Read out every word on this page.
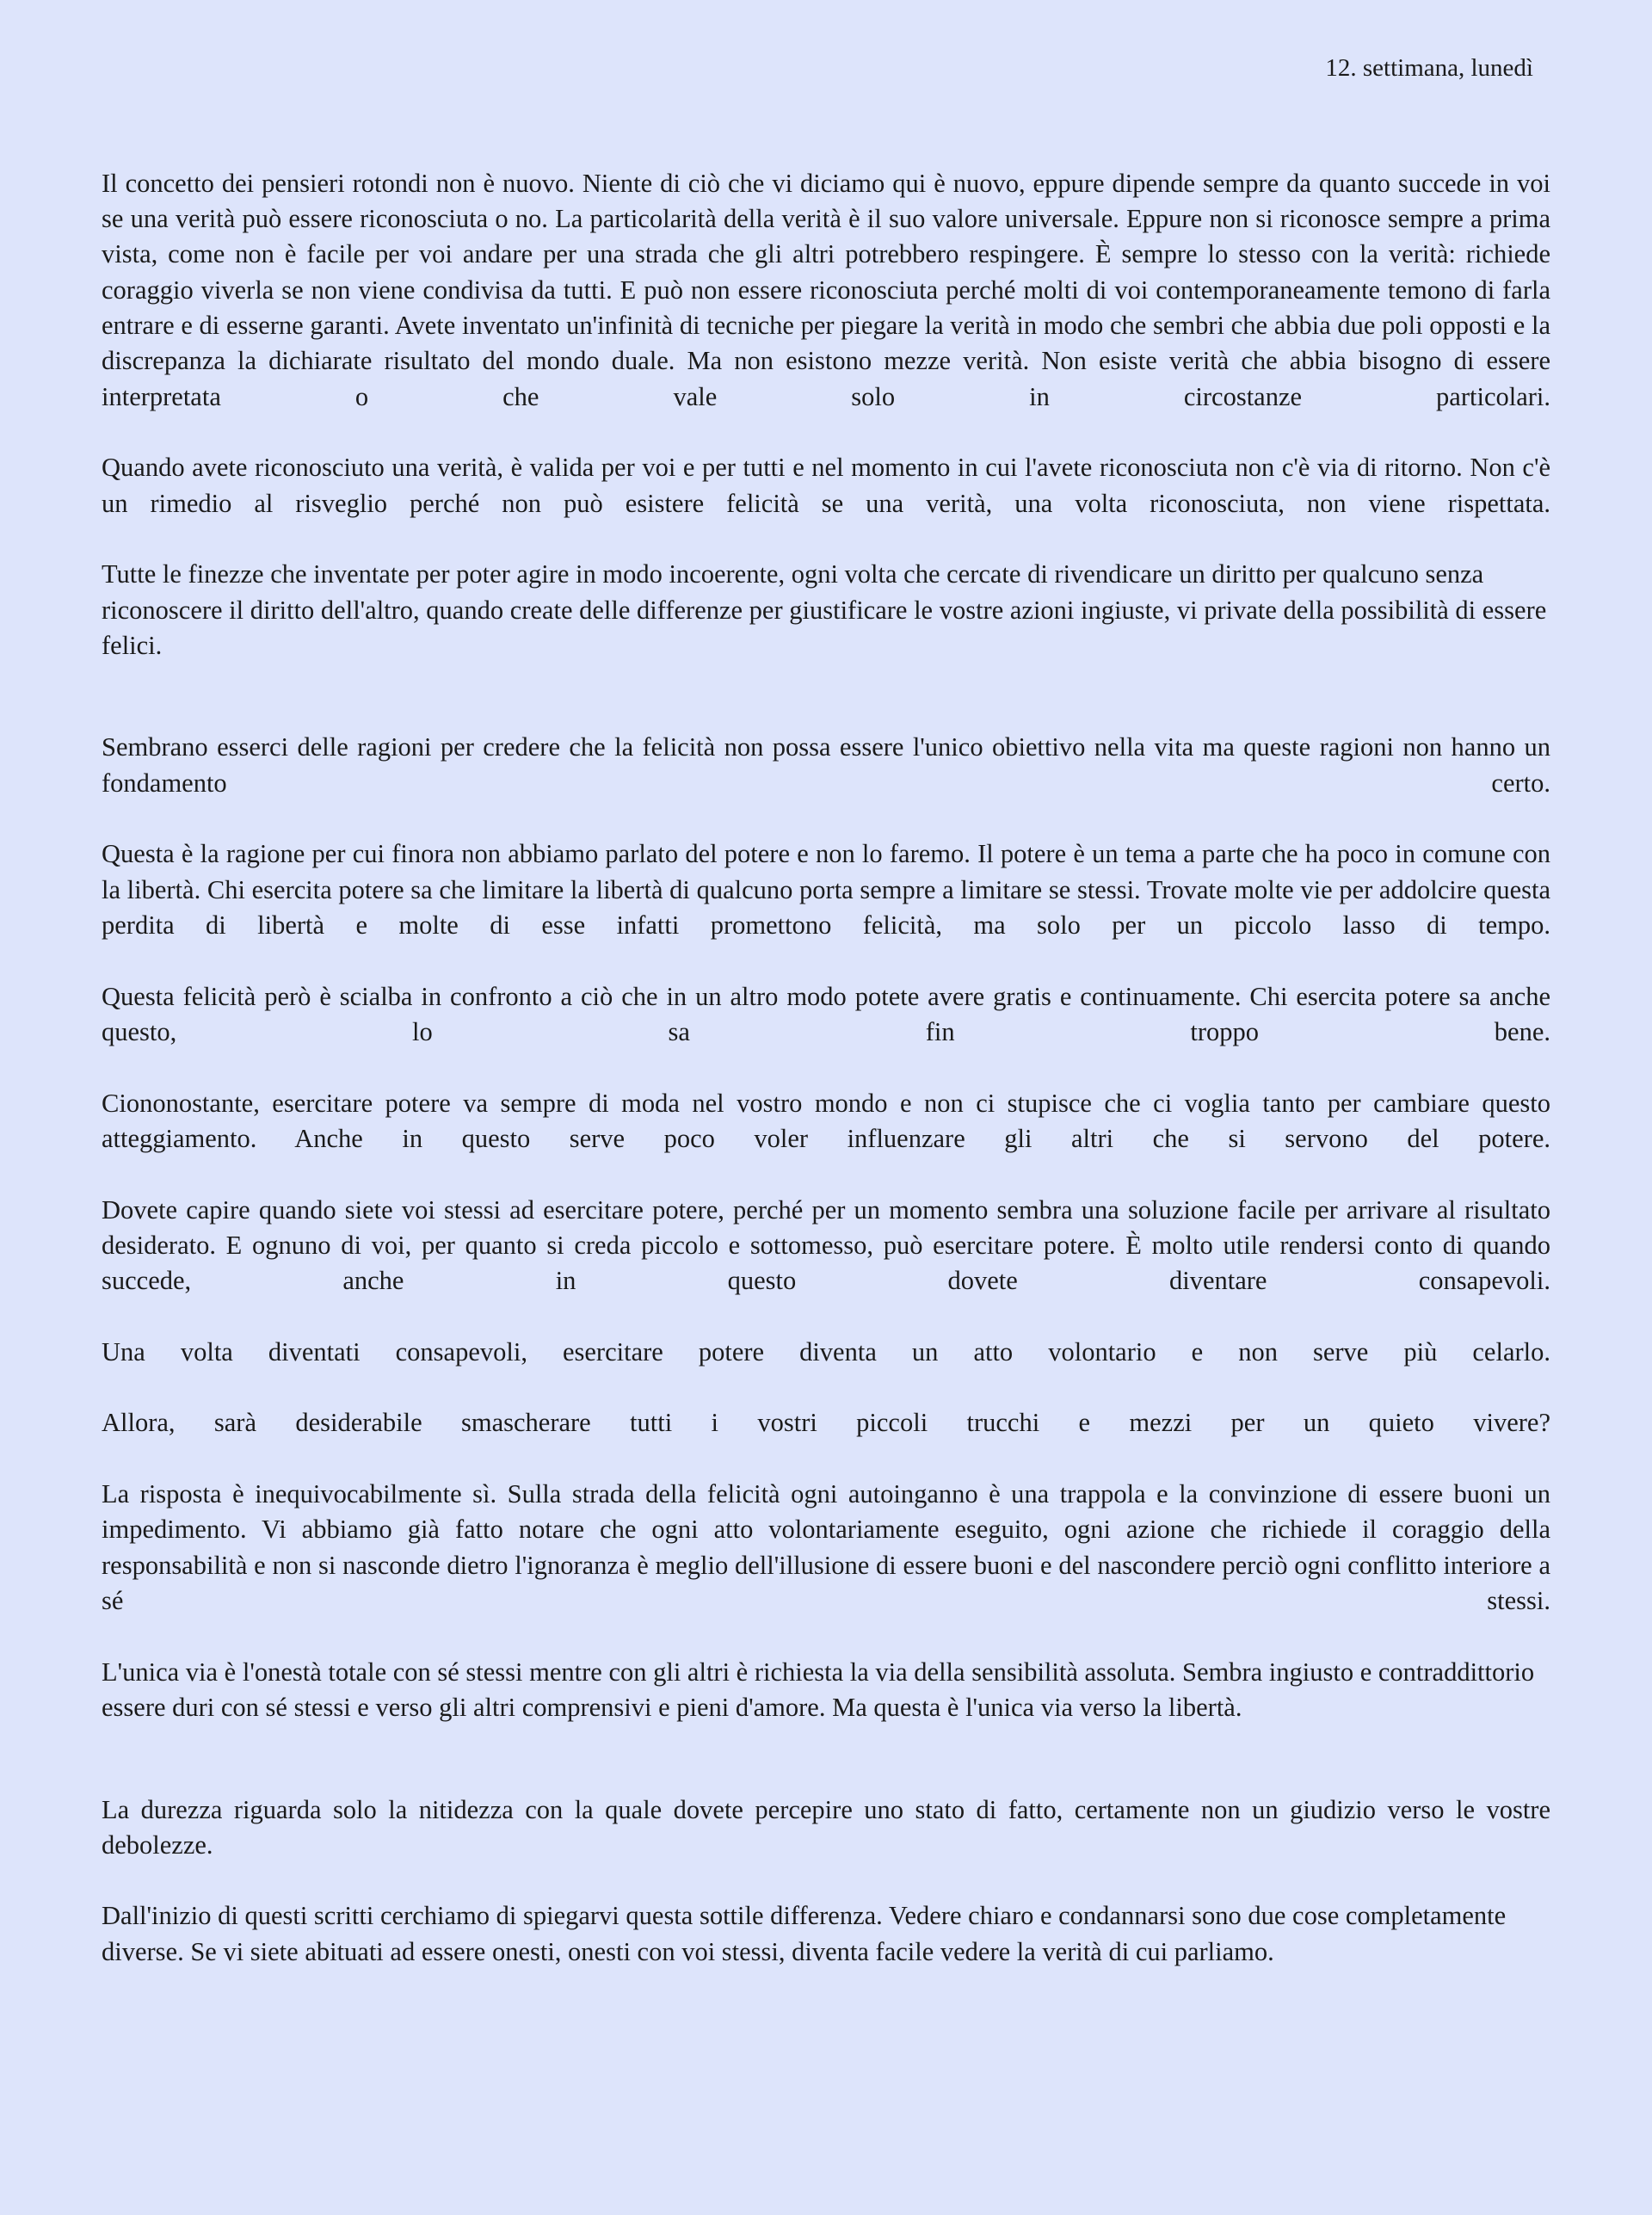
12. settimana, lunedì

Il concetto dei pensieri rotondi non è nuovo. Niente di ciò che vi diciamo qui è nuovo, eppure dipende sempre da quanto succede in voi se una verità può essere riconosciuta o no. La particolarità della verità è il suo valore universale. Eppure non si riconosce sempre a prima vista, come non è facile per voi andare per una strada che gli altri potrebbero respingere. È sempre lo stesso con la verità: richiede coraggio viverla se non viene condivisa da tutti. E può non essere riconosciuta perché molti di voi contemporaneamente temono di farla entrare e di esserne garanti. Avete inventato un'infinità di tecniche per piegare la verità in modo che sembri che abbia due poli opposti e la discrepanza la dichiarate risultato del mondo duale. Ma non esistono mezze verità. Non esiste verità che abbia bisogno di essere interpretata o che vale solo in circostanze particolari.

Quando avete riconosciuto una verità, è valida per voi e per tutti e nel momento in cui l'avete riconosciuta non c'è via di ritorno. Non c'è un rimedio al risveglio perché non può esistere felicità se una verità, una volta riconosciuta, non viene rispettata.

Tutte le finezze che inventate per poter agire in modo incoerente, ogni volta che cercate di rivendicare un diritto per qualcuno senza riconoscere il diritto dell'altro, quando create delle differenze per giustificare le vostre azioni ingiuste, vi private della possibilità di essere felici.

Sembrano esserci delle ragioni per credere che la felicità non possa essere l'unico obiettivo nella vita ma queste ragioni non hanno un fondamento certo.

Questa è la ragione per cui finora non abbiamo parlato del potere e non lo faremo. Il potere è un tema a parte che ha poco in comune con la libertà. Chi esercita potere sa che limitare la libertà di qualcuno porta sempre a limitare se stessi. Trovate molte vie per addolcire questa perdita di libertà e molte di esse infatti promettono felicità, ma solo per un piccolo lasso di tempo.

Questa felicità però è scialba in confronto a ciò che in un altro modo potete avere gratis e continuamente. Chi esercita potere sa anche questo, lo sa fin troppo bene.

Ciononostante, esercitare potere va sempre di moda nel vostro mondo e non ci stupisce che ci voglia tanto per cambiare questo atteggiamento. Anche in questo serve poco voler influenzare gli altri che si servono del potere.

Dovete capire quando siete voi stessi ad esercitare potere, perché per un momento sembra una soluzione facile per arrivare al risultato desiderato. E ognuno di voi, per quanto si creda piccolo e sottomesso, può esercitare potere. È molto utile rendersi conto di quando succede, anche in questo dovete diventare consapevoli.

Una volta diventati consapevoli, esercitare potere diventa un atto volontario e non serve più celarlo.

Allora, sarà desiderabile smascherare tutti i vostri piccoli trucchi e mezzi per un quieto vivere?

La risposta è inequivocabilmente sì. Sulla strada della felicità ogni autoinganno è una trappola e la convinzione di essere buoni un impedimento. Vi abbiamo già fatto notare che ogni atto volontariamente eseguito, ogni azione che richiede il coraggio della responsabilità e non si nasconde dietro l'ignoranza è meglio dell'illusione di essere buoni e del nascondere perciò ogni conflitto interiore a sé stessi.

L'unica via è l'onestà totale con sé stessi mentre con gli altri è richiesta la via della sensibilità assoluta. Sembra ingiusto e contraddittorio essere duri con sé stessi e verso gli altri comprensivi e pieni d'amore. Ma questa è l'unica via verso la libertà.

La durezza riguarda solo la nitidezza con la quale dovete percepire uno stato di fatto, certamente non un giudizio verso le vostre debolezze.

Dall'inizio di questi scritti cerchiamo di spiegarvi questa sottile differenza. Vedere chiaro e condannarsi sono due cose completamente diverse. Se vi siete abituati ad essere onesti, onesti con voi stessi, diventa facile vedere la verità di cui parliamo.
